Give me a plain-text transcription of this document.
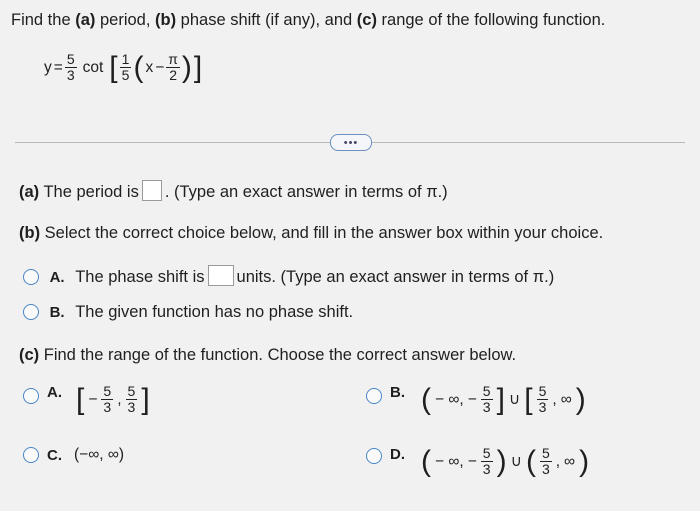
Find the (a) period, (b) phase shift (if any), and (c) range of the following function.
$y = \frac{5}{3}$ cot [ $\frac{1}{5}$ ( $x - \frac{\pi}{2}$ ) ]
•••
(a) The period is . (Type an exact answer in terms of π.)
(b) Select the correct choice below, and fill in the answer box within your choice.
A. The phase shift is units. (Type an exact answer in terms of π.)
B. The given function has no phase shift.
(c) Find the range of the function. Choose the correct answer below.
A. [ − $\frac{5}{3}$ , $\frac{5}{3}$ ]	B. ( − ∞, − $\frac{5}{3}$ ] ∪ [ $\frac{5}{3}$ , ∞ )
C. (−∞, ∞)	D. ( − ∞, − $\frac{5}{3}$ ) ∪ ( $\frac{5}{3}$ , ∞ )
